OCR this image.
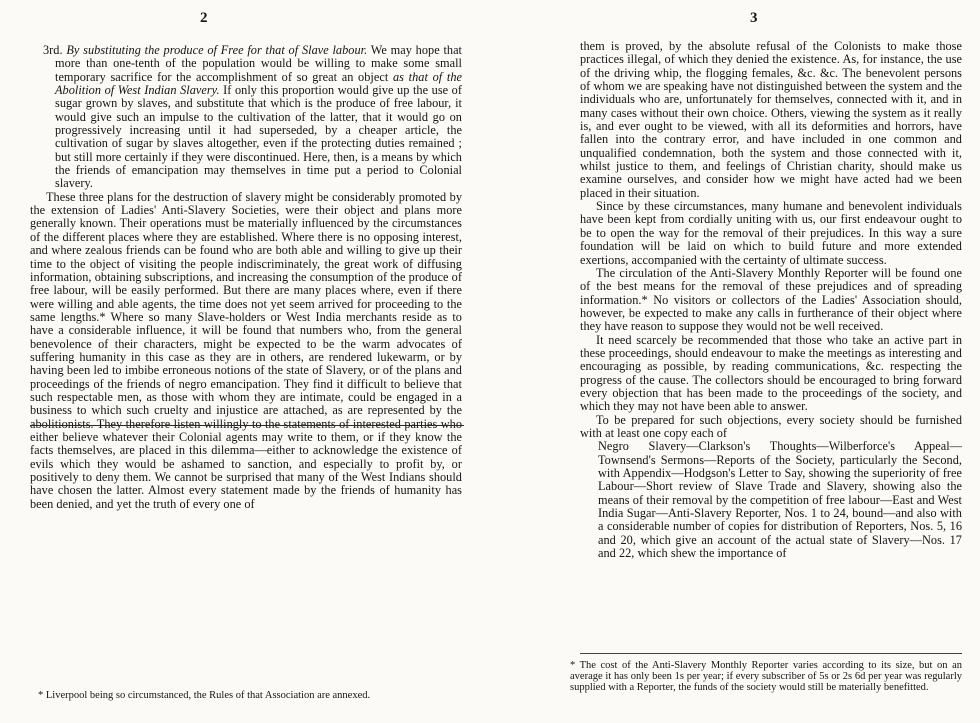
2

3rd. By substituting the produce of Free for that of Slave labour. We may hope that more than one-tenth of the population would be willing to make some small temporary sacrifice for the accomplishment of so great an object as that of the Abolition of West Indian Slavery. If only this proportion would give up the use of sugar grown by slaves, and substitute that which is the produce of free labour, it would give such an impulse to the cultivation of the latter, that it would go on progressively increasing until it had superseded, by a cheaper article, the cultivation of sugar by slaves altogether, even if the protecting duties remained ; but still more certainly if they were discontinued. Here, then, is a means by which the friends of emancipation may themselves in time put a period to Colonial slavery.

These three plans for the destruction of slavery might be considerably promoted by the extension of Ladies' Anti-Slavery Societies, were their object and plans more generally known. Their operations must be materially influenced by the circumstances of the different places where they are established. Where there is no opposing interest, and where zealous friends can be found who are both able and willing to give up their time to the object of visiting the people indiscriminately, the great work of diffusing information, obtaining subscriptions, and increasing the consumption of the produce of free labour, will be easily performed. But there are many places where, even if there were willing and able agents, the time does not yet seem arrived for proceeding to the same lengths.* Where so many Slave-holders or West India merchants reside as to have a considerable influence, it will be found that numbers who, from the general benevolence of their characters, might be expected to be the warm advocates of suffering humanity in this case as they are in others, are rendered lukewarm, or by having been led to imbibe erroneous notions of the state of Slavery, or of the plans and proceedings of the friends of negro emancipation. They find it difficult to believe that such respectable men, as those with whom they are intimate, could be engaged in a business to which such cruelty and injustice are attached, as are represented by the abolitionists. They therefore listen willingly to the statements of interested parties who either believe whatever their Colonial agents may write to them, or if they know the facts themselves, are placed in this dilemma—either to acknowledge the existence of evils which they would be ashamed to sanction, and especially to profit by, or positively to deny them. We cannot be surprised that many of the West Indians should have chosen the latter. Almost every statement made by the friends of humanity has been denied, and yet the truth of every one of

* Liverpool being so circumstanced, the Rules of that Association are annexed.
3

them is proved, by the absolute refusal of the Colonists to make those practices illegal, of which they denied the existence. As, for instance, the use of the driving whip, the flogging females, &c. &c. The benevolent persons of whom we are speaking have not distinguished between the system and the individuals who are, unfortunately for themselves, connected with it, and in many cases without their own choice. Others, viewing the system as it really is, and ever ought to be viewed, with all its deformities and horrors, have fallen into the contrary error, and have included in one common and unqualified condemnation, both the system and those connected with it, whilst justice to them, and feelings of Christian charity, should make us examine ourselves, and consider how we might have acted had we been placed in their situation.

Since by these circumstances, many humane and benevolent individuals have been kept from cordially uniting with us, our first endeavour ought to be to open the way for the removal of their prejudices. In this way a sure foundation will be laid on which to build future and more extended exertions, accompanied with the certainty of ultimate success.

The circulation of the Anti-Slavery Monthly Reporter will be found one of the best means for the removal of these prejudices and of spreading information.* No visitors or collectors of the Ladies' Association should, however, be expected to make any calls in furtherance of their object where they have reason to suppose they would not be well received.

It need scarcely be recommended that those who take an active part in these proceedings, should endeavour to make the meetings as interesting and encouraging as possible, by reading communications, &c. respecting the progress of the cause. The collectors should be encouraged to bring forward every objection that has been made to the proceedings of the society, and which they may not have been able to answer.

To be prepared for such objections, every society should be furnished with at least one copy each of

Negro Slavery—Clarkson's Thoughts—Wilberforce's Appeal—Townsend's Sermons—Reports of the Society, particularly the Second, with Appendix—Hodgson's Letter to Say, showing the superiority of free Labour—Short review of Slave Trade and Slavery, showing also the means of their removal by the competition of free labour—East and West India Sugar—Anti-Slavery Reporter, Nos. 1 to 24, bound—and also with a considerable number of copies for distribution of Reporters, Nos. 5, 16 and 20, which give an account of the actual state of Slavery—Nos. 17 and 22, which shew the importance of

* The cost of the Anti-Slavery Monthly Reporter varies according to its size, but on an average it has only been 1s per year; if every subscriber of 5s or 2s 6d per year was regularly supplied with a Reporter, the funds of the society would still be materially benefitted.
